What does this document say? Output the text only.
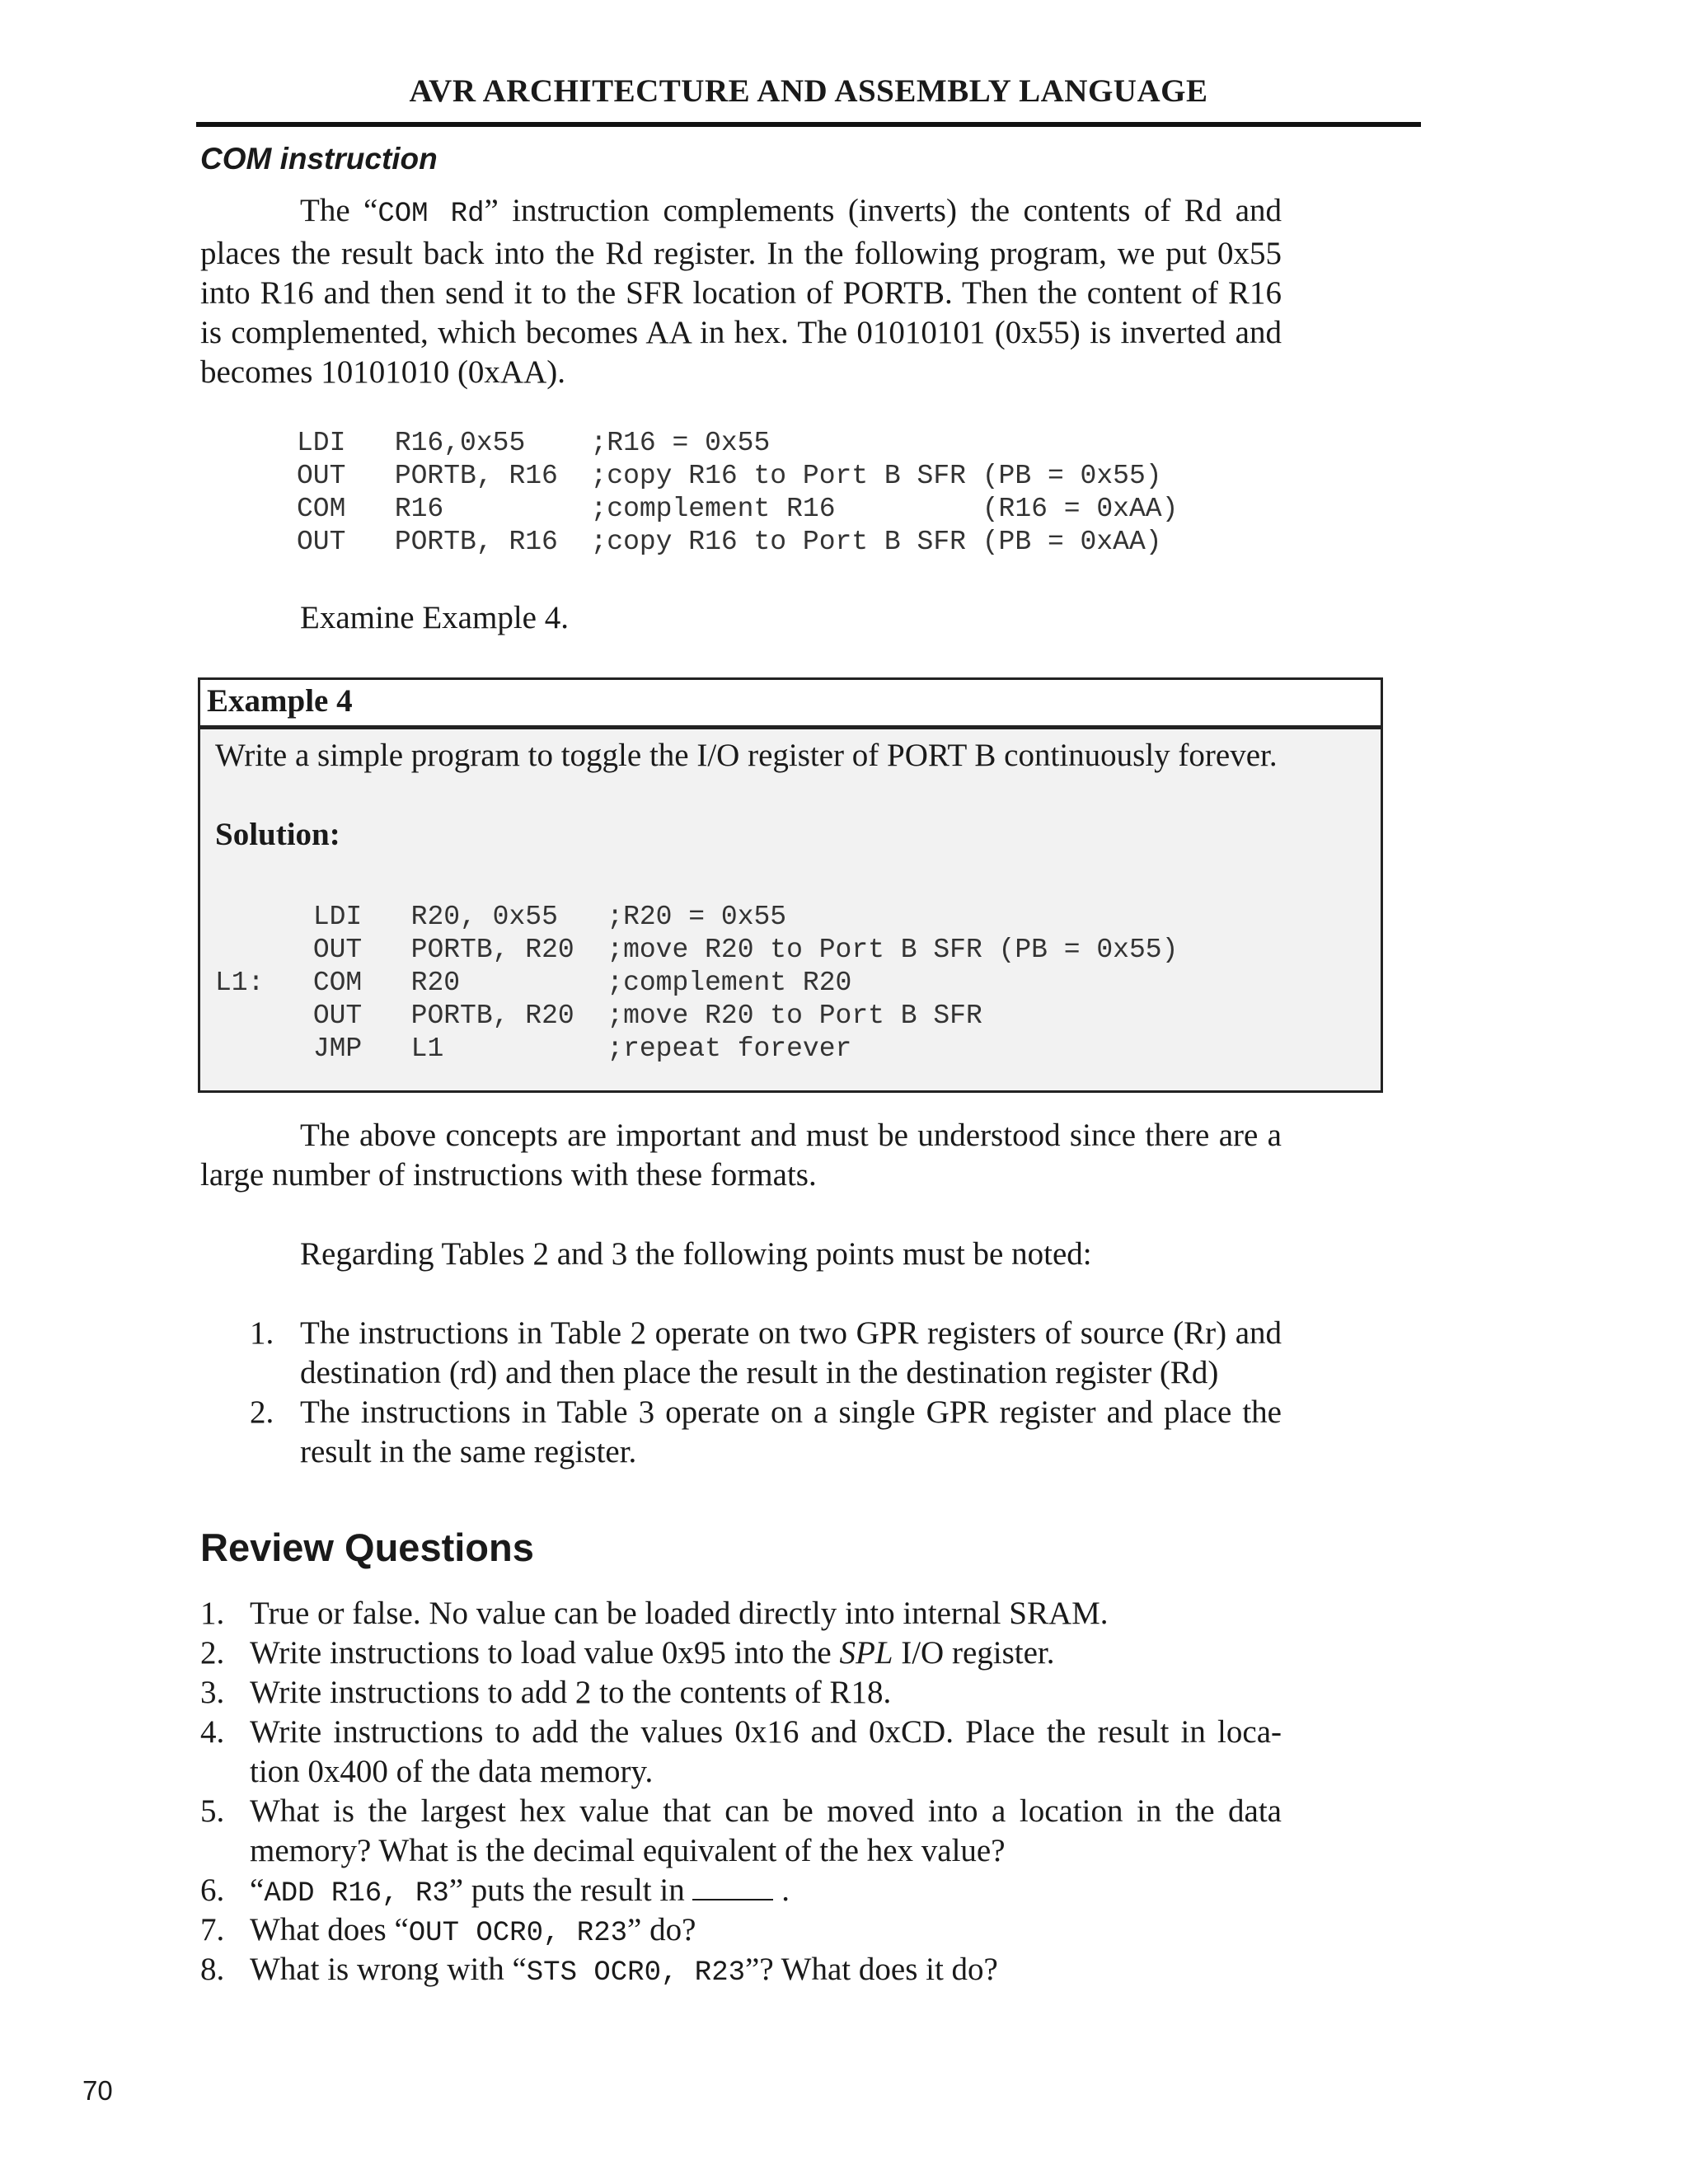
AVR ARCHITECTURE AND ASSEMBLY LANGUAGE
COM instruction
The “COM Rd” instruction complements (inverts) the contents of Rd and places the result back into the Rd register. In the following program, we put 0x55 into R16 and then send it to the SFR location of PORTB. Then the content of R16 is complemented, which becomes AA in hex. The 01010101 (0x55) is inverted and becomes 10101010 (0xAA).
LDI   R16,0x55    ;R16 = 0x55
OUT   PORTB, R16  ;copy R16 to Port B SFR (PB = 0x55)
COM   R16         ;complement R16         (R16 = 0xAA)
OUT   PORTB, R16  ;copy R16 to Port B SFR (PB = 0xAA)
Examine Example 4.
Example 4
Write a simple program to toggle the I/O register of PORT B continuously forever.
Solution:
LDI   R20, 0x55   ;R20 = 0x55
OUT   PORTB, R20  ;move R20 to Port B SFR (PB = 0x55)
L1:   COM   R20         ;complement R20
OUT   PORTB, R20  ;move R20 to Port B SFR
JMP   L1          ;repeat forever
The above concepts are important and must be understood since there are a large number of instructions with these formats.
Regarding Tables 2 and 3 the following points must be noted:
1. The instructions in Table 2 operate on two GPR registers of source (Rr) and destination (rd) and then place the result in the destination register (Rd)
2. The instructions in Table 3 operate on a single GPR register and place the result in the same register.
Review Questions
1. True or false. No value can be loaded directly into internal SRAM.
2. Write instructions to load value 0x95 into the SPL I/O register.
3. Write instructions to add 2 to the contents of R18.
4. Write instructions to add the values 0x16 and 0xCD. Place the result in loca-tion 0x400 of the data memory.
5. What is the largest hex value that can be moved into a location in the data memory? What is the decimal equivalent of the hex value?
6. “ADD R16, R3” puts the result in	.
7. What does “OUT OCR0, R23” do?
8. What is wrong with “STS OCR0, R23”? What does it do?
70
